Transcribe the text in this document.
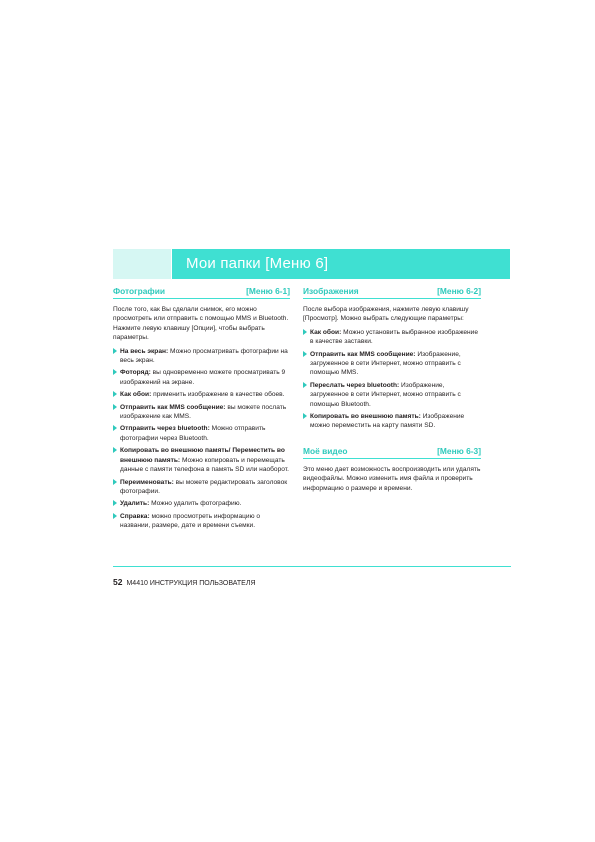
Мои папки [Меню 6]
Фотографии	[Меню 6-1]

После того, как Вы сделали снимок, его можно просмотреть или отправить с помощью MMS и Bluetooth. Нажмите левую клавишу [Опции], чтобы выбрать параметры.

На весь экран: Можно просматривать фотографии на весь экран.
Фоторяд: вы одновременно можете просматривать 9 изображений на экране.
Как обои: применить изображение в качестве обоев.
Отправить как MMS сообщение: вы можете послать изображение как MMS.
Отправить через bluetooth: Можно отправить фотографии через Bluetooth.
Копировать во внешнюю память/ Переместить во внешнюю память: Можно копировать и перемещать данные с памяти телефона в память SD или наоборот.
Переименовать: вы можете редактировать заголовок фотографии.
Удалить: Можно удалить фотографию.
Справка: можно просмотреть информацию о названии, размере, дате и времени съемки.
Изображения	[Меню 6-2]

После выбора изображения, нажмите левую клавишу [Просмотр]. Можно выбрать следующие параметры:

Как обои: Можно установить выбранное изображение в качестве заставки.
Отправить как MMS сообщение: Изображение, загруженное в сети Интернет, можно отправить с помощью MMS.
Переслать через bluetooth: Изображение, загруженное в сети Интернет, можно отправить с помощью Bluetooth.
Копировать во внешнюю память: Изображение можно переместить на карту памяти SD.
Моё видео	[Меню 6-3]

Это меню дает возможность воспроизводить или удалять видеофайлы. Можно изменить имя файла и проверить информацию о размере и времени.

52 M4410 ИНСТРУКЦИЯ ПОЛЬЗОВАТЕЛЯ
